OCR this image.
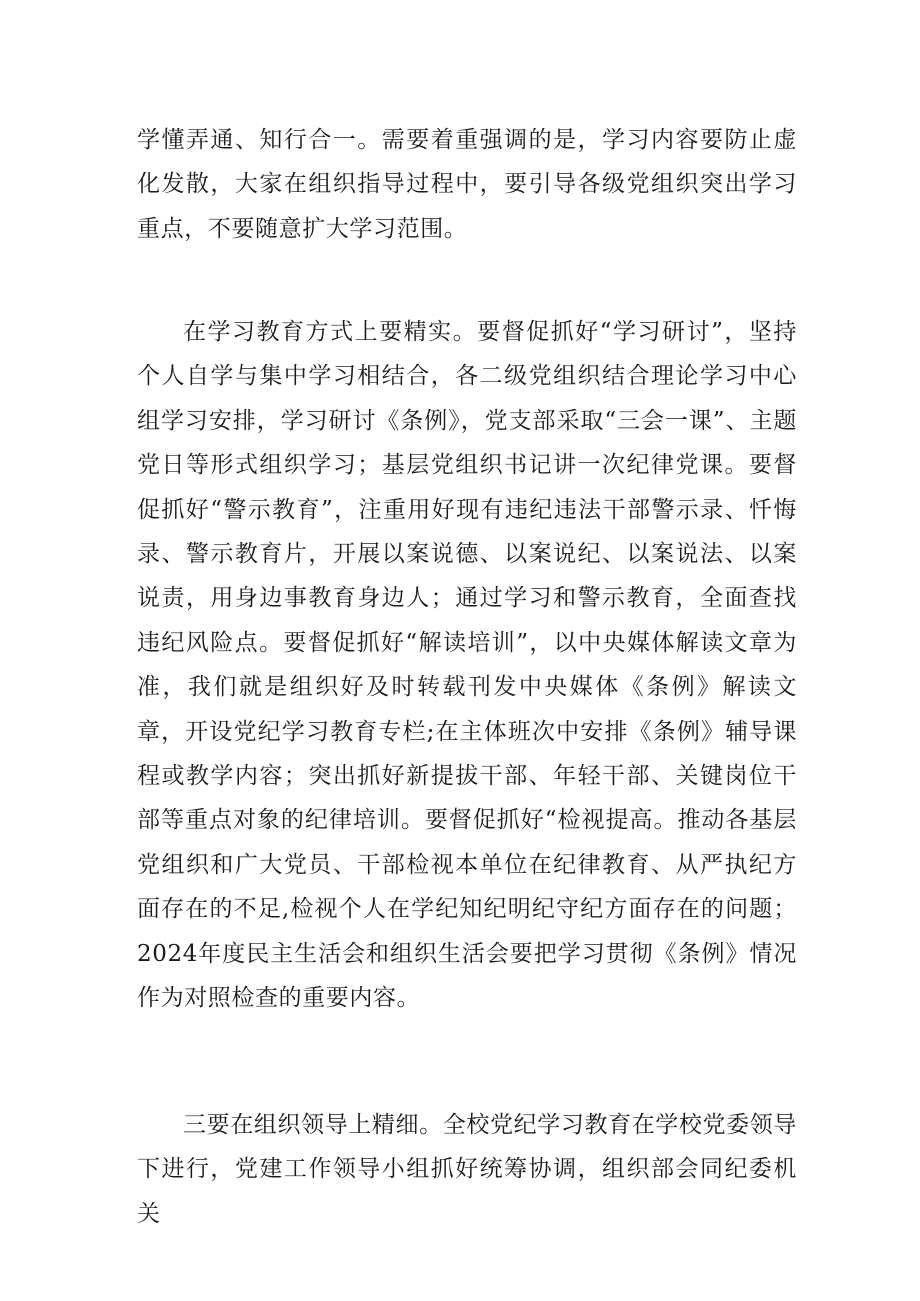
学懂弄通、知行合一。需要着重强调的是，学习内容要防止虚化发散，大家在组织指导过程中，要引导各级党组织突出学习重点，不要随意扩大学习范围。

在学习教育方式上要精实。要督促抓好“学习研讨”，坚持个人自学与集中学习相结合，各二级党组织结合理论学习中心组学习安排，学习研讨《条例》，党支部采取“三会一课”、主题党日等形式组织学习；基层党组织书记讲一次纪律党课。要督促抓好“警示教育”，注重用好现有违纪违法干部警示录、忏悔录、警示教育片，开展以案说德、以案说纪、以案说法、以案说责，用身边事教育身边人；通过学习和警示教育，全面查找违纪风险点。要督促抓好“解读培训”，以中央媒体解读文章为准，我们就是组织好及时转载刊发中央媒体《条例》解读文章，开设党纪学习教育专栏;在主体班次中安排《条例》辅导课程或教学内容；突出抓好新提拔干部、年轻干部、关键岗位干部等重点对象的纪律培训。要督促抓好“检视提高。推动各基层党组织和广大党员、干部检视本单位在纪律教育、从严执纪方面存在的不足,检视个人在学纪知纪明纪守纪方面存在的问题；2024年度民主生活会和组织生活会要把学习贯彻《条例》情况作为对照检查的重要内容。

三要在组织领导上精细。全校党纪学习教育在学校党委领导下进行，党建工作领导小组抓好统筹协调，组织部会同纪委机关
